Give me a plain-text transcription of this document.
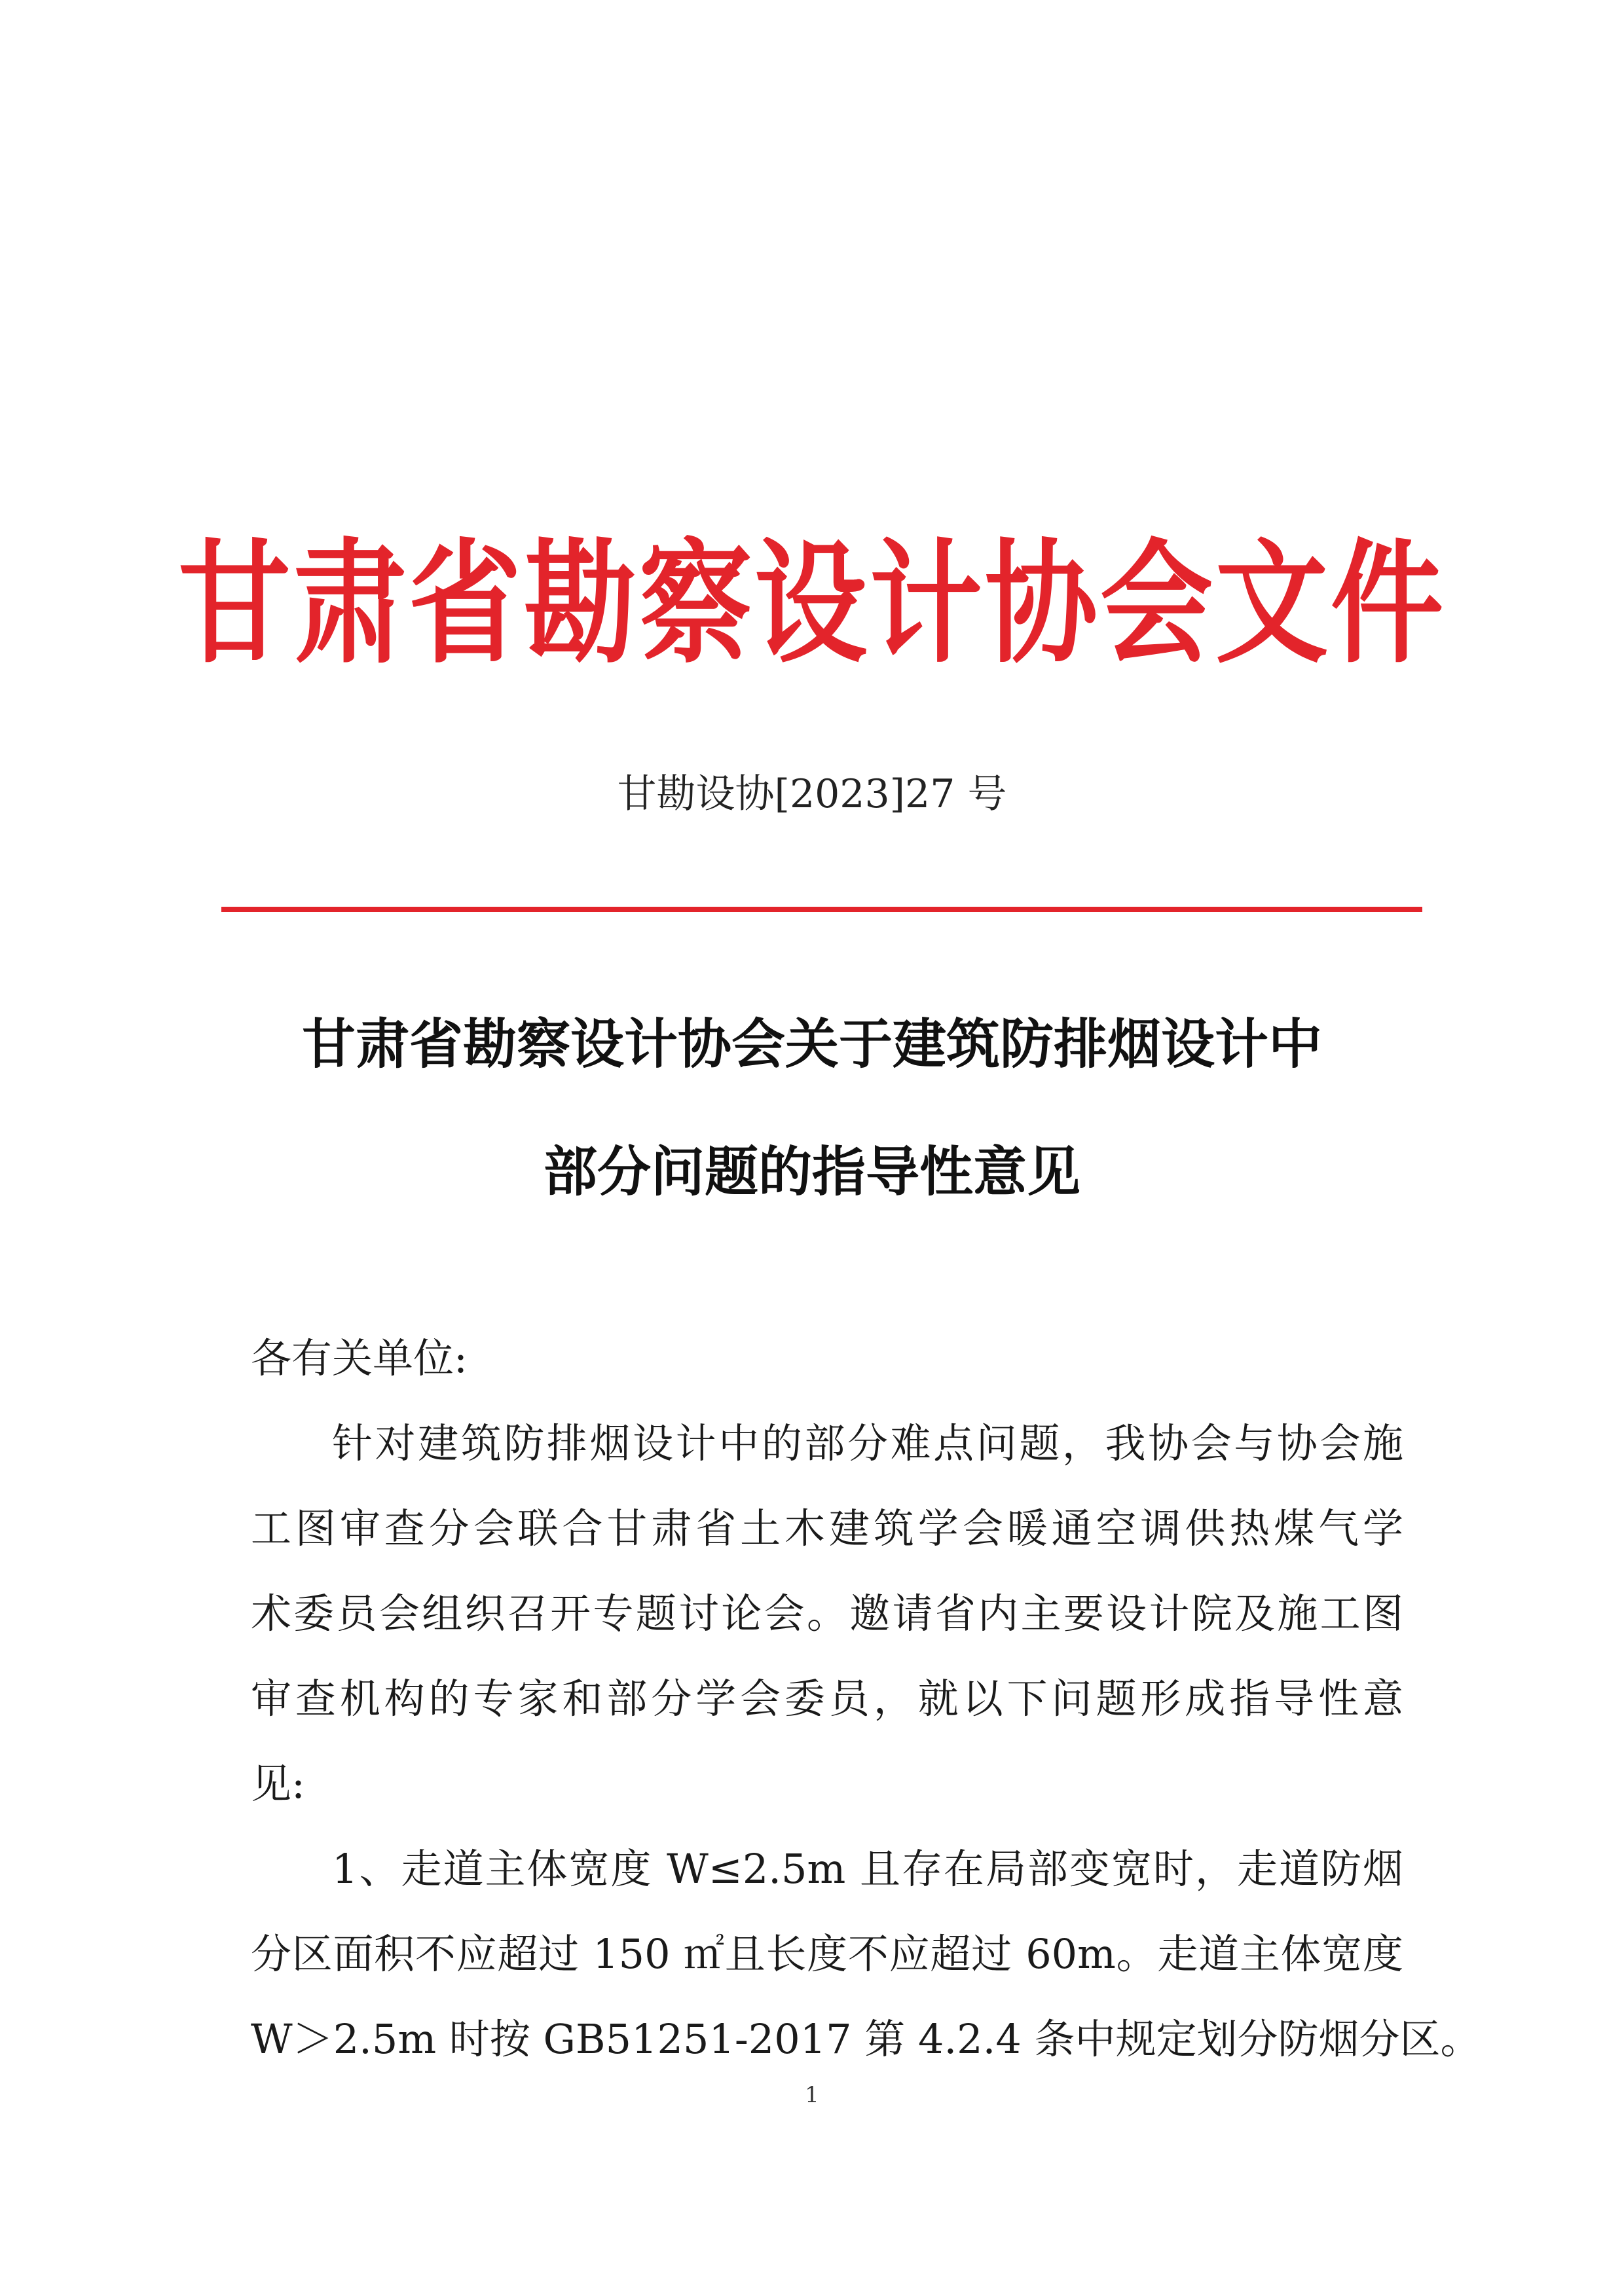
甘肃省勘察设计协会文件
甘勘设协[2023]27 号
甘肃省勘察设计协会关于建筑防排烟设计中
部分问题的指导性意见
各有关单位:
针对建筑防排烟设计中的部分难点问题，我协会与协会施
工图审查分会联合甘肃省土木建筑学会暖通空调供热煤气学
术委员会组织召开专题讨论会。邀请省内主要设计院及施工图
审查机构的专家和部分学会委员，就以下问题形成指导性意
见:
1、走道主体宽度 W≤2.5m 且存在局部变宽时，走道防烟
分区面积不应超过 150 ㎡且长度不应超过 60m。走道主体宽度
W＞2.5m 时按 GB51251-2017 第 4.2.4 条中规定划分防烟分区。
1
